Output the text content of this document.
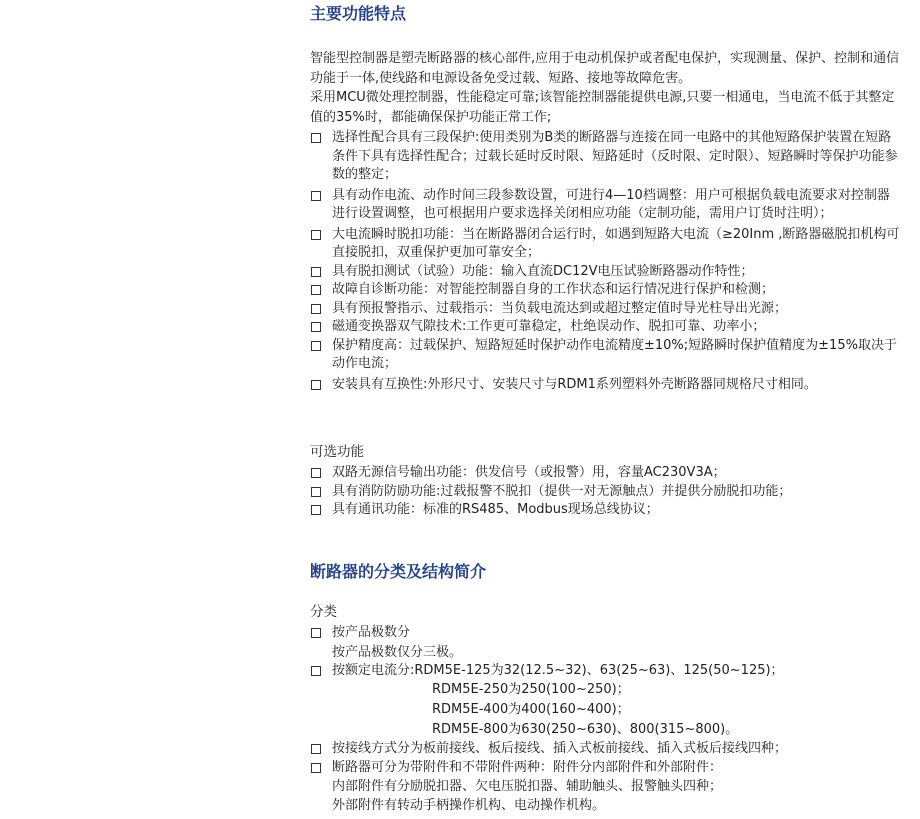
主要功能特点

智能型控制器是塑壳断路器的核心部件,应用于电动机保护或者配电保护，实现测量、保护、控制和通信功能于一体,使线路和电源设备免受过载、短路、接地等故障危害。

采用MCU微处理控制器，性能稳定可靠;该智能控制器能提供电源,只要一相通电，当电流不低于其整定值的35%时，都能确保保护功能正常工作;

选择性配合具有三段保护:使用类别为B类的断路器与连接在同一电路中的其他短路保护装置在短路条件下具有选择性配合；过载长延时反时限、短路延时（反时限、定时限）、短路瞬时等保护功能参数的整定；
具有动作电流、动作时间三段参数设置，可进行4—10档调整：用户可根据负载电流要求对控制器进行设置调整，也可根据用户要求选择关闭相应功能（定制功能，需用户订货时注明）；
大电流瞬时脱扣功能：当在断路器闭合运行时，如遇到短路大电流（≥20Inm ,断路器磁脱扣机构可直接脱扣，双重保护更加可靠安全；
具有脱扣测试（试验）功能：输入直流DC12V电压试验断路器动作特性；
故障自诊断功能：对智能控制器自身的工作状态和运行情况进行保护和检测；
具有预报警指示、过载指示：当负载电流达到或超过整定值时导光柱导出光源；
磁通变换器双气隙技术:工作更可靠稳定，杜绝误动作、脱扣可靠、功率小；
保护精度高：过载保护、短路短延时保护动作电流精度±10%;短路瞬时保护值精度为±15%取决于动作电流；
安装具有互换性:外形尺寸、安装尺寸与RDM1系列塑料外壳断路器同规格尺寸相同。

可选功能

双路无源信号输出功能：供发信号（或报警）用，容量AC230V3A；
具有消防防励功能:过载报警不脱扣（提供一对无源触点）并提供分励脱扣功能；
具有通讯功能：标准的RS485、Modbus现场总线协议；
断路器的分类及结构简介

分类

按产品极数分
按产品极数仅分三极。
按额定电流分:RDM5E-125为32(12.5~32)、63(25~63)、125(50~125)；
RDM5E-250为250(100~250)；
RDM5E-400为400(160~400)；
RDM5E-800为630(250~630)、800(315~800)。
按接线方式分为板前接线、板后接线、插入式板前接线、插入式板后接线四种；
断路器可分为带附件和不带附件两种：附件分内部附件和外部附件：
内部附件有分励脱扣器、欠电压脱扣器、辅助触头、报警触头四种；
外部附件有转动手柄操作机构、电动操作机构。
